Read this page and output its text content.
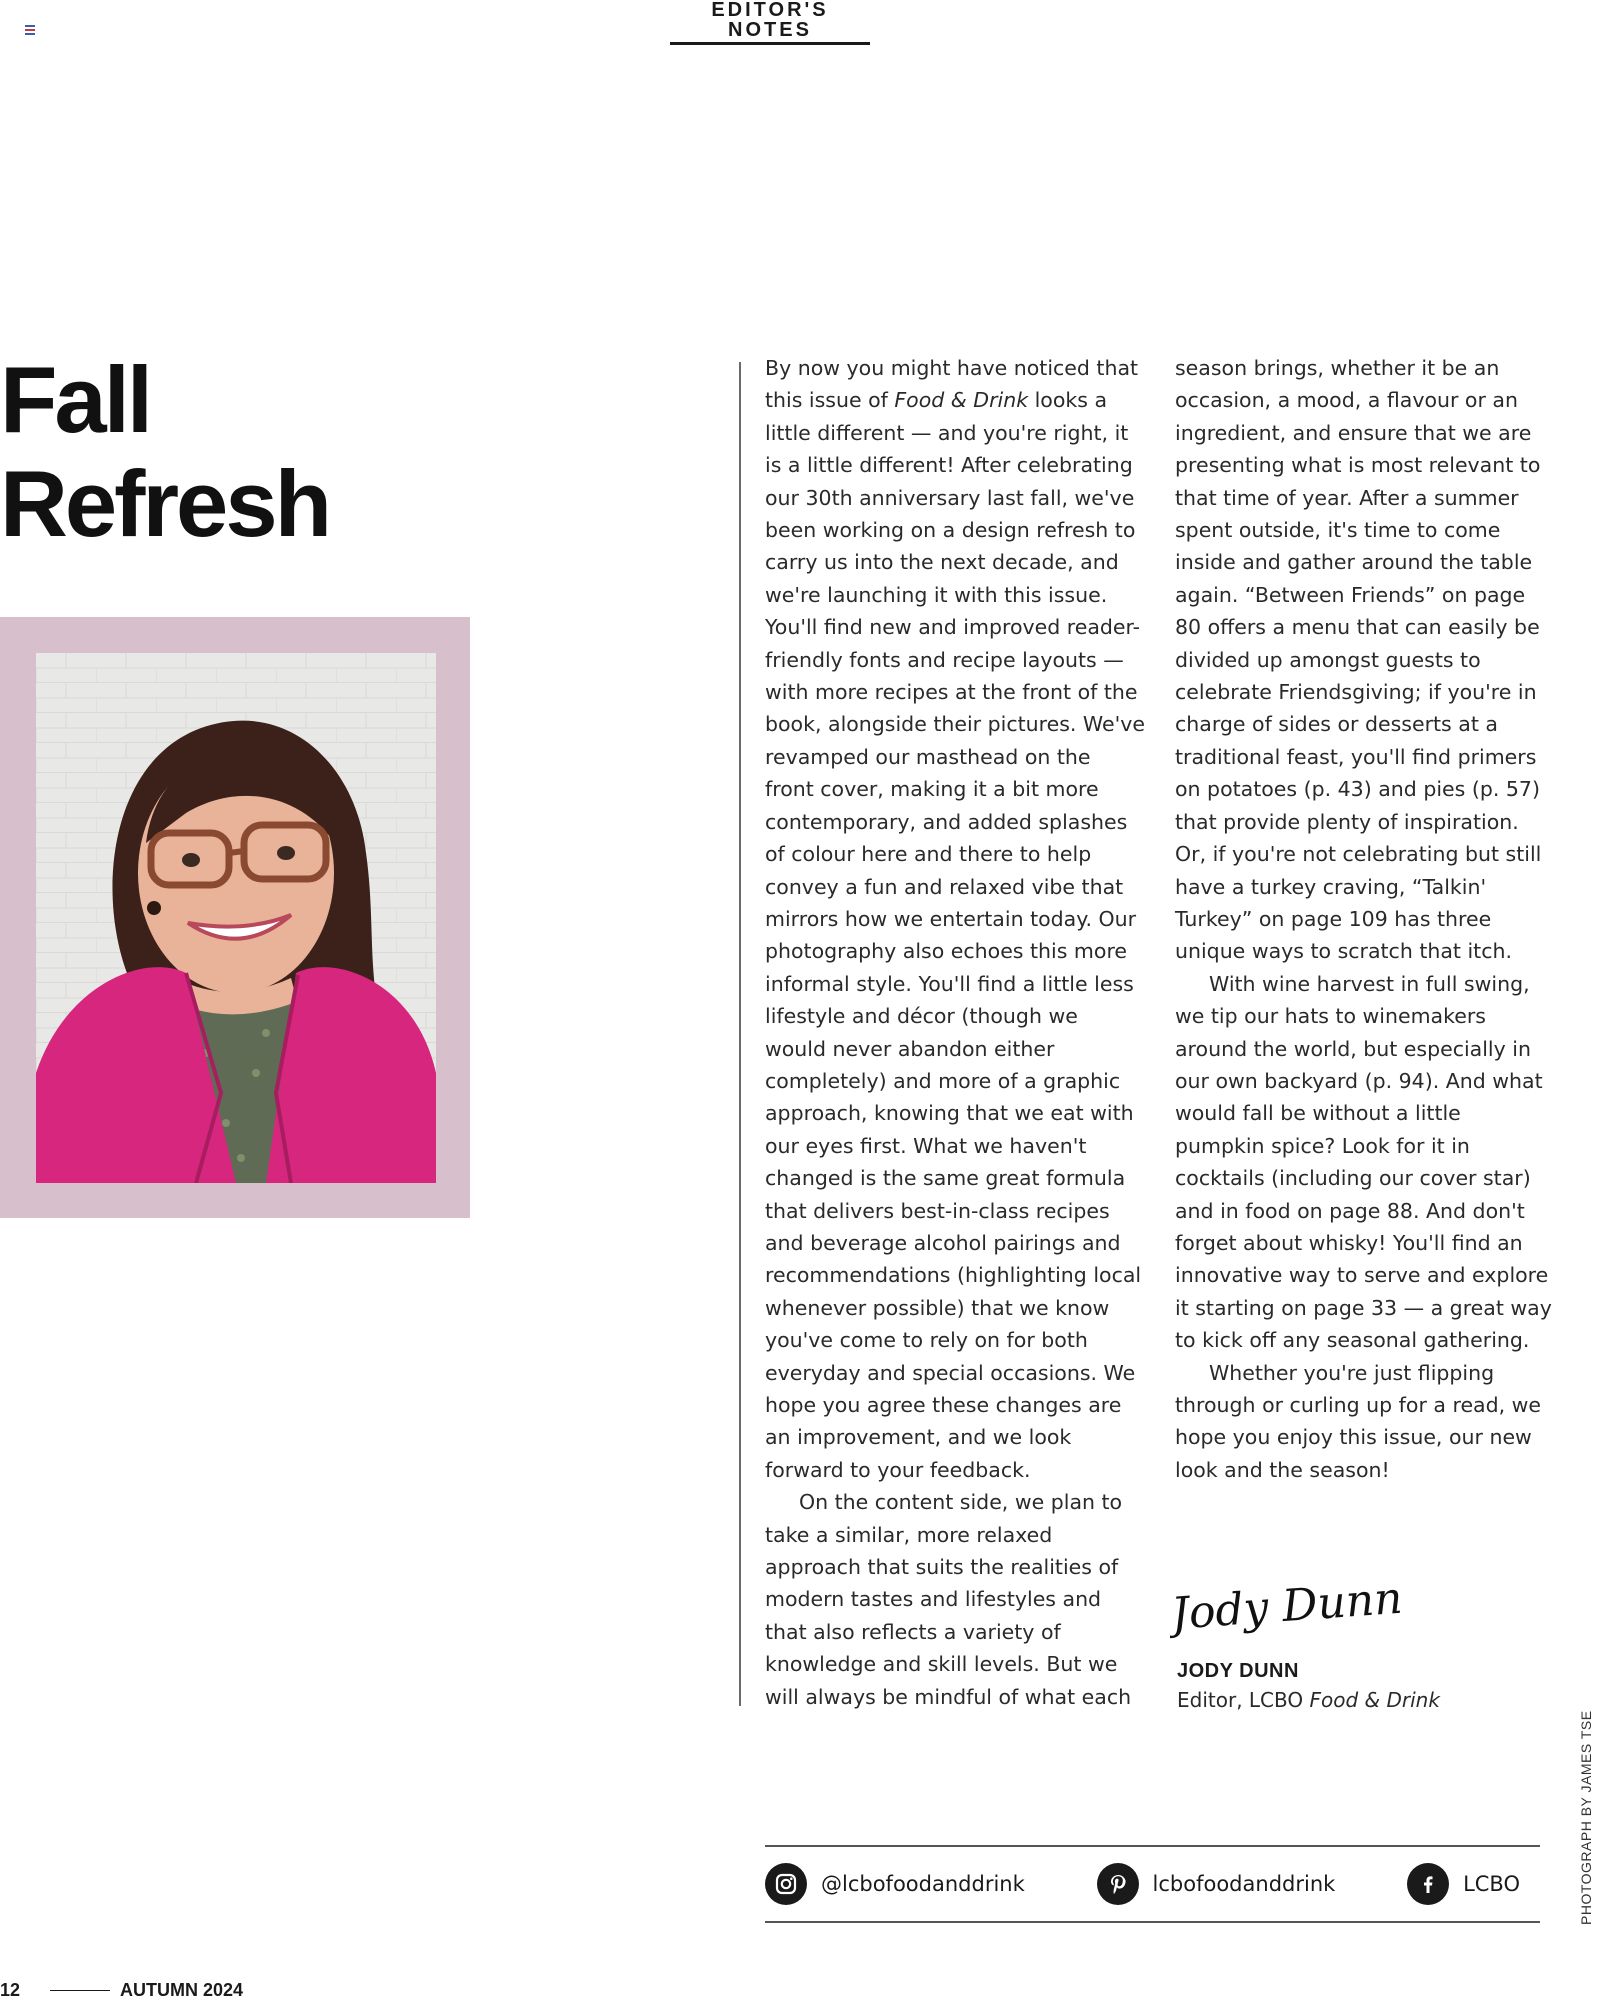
EDITOR'S NOTES
Fall
Refresh

By now you might have noticed that this issue of Food & Drink looks a little different — and you're right, it is a little different! After celebrating our 30th anniversary last fall, we've been working on a design refresh to carry us into the next decade, and we're launching it with this issue. You'll find new and improved reader-friendly fonts and recipe layouts — with more recipes at the front of the book, alongside their pictures. We've revamped our masthead on the front cover, making it a bit more contemporary, and added splashes of colour here and there to help convey a fun and relaxed vibe that mirrors how we entertain today. Our photography also echoes this more informal style. You'll find a little less lifestyle and décor (though we would never abandon either completely) and more of a graphic approach, knowing that we eat with our eyes first. What we haven't changed is the same great formula that delivers best-in-class recipes and beverage alcohol pairings and recommendations (highlighting local whenever possible) that we know you've come to rely on for both everyday and special occasions. We hope you agree these changes are an improvement, and we look forward to your feedback.

On the content side, we plan to take a similar, more relaxed approach that suits the realities of modern tastes and lifestyles and that also reflects a variety of knowledge and skill levels. But we will always be mindful of what each season brings, whether it be an occasion, a mood, a flavour or an ingredient, and ensure that we are presenting what is most relevant to that time of year. After a summer spent outside, it's time to come inside and gather around the table again. “Between Friends” on page 80 offers a menu that can easily be divided up amongst guests to celebrate Friendsgiving; if you're in charge of sides or desserts at a traditional feast, you'll find primers on potatoes (p. 43) and pies (p. 57) that provide plenty of inspiration. Or, if you're not celebrating but still have a turkey craving, “Talkin' Turkey” on page 109 has three unique ways to scratch that itch.

With wine harvest in full swing, we tip our hats to winemakers around the world, but especially in our own backyard (p. 94). And what would fall be without a little pumpkin spice? Look for it in cocktails (including our cover star) and in food on page 88. And don't forget about whisky! You'll find an innovative way to serve and explore it starting on page 33 — a great way to kick off any seasonal gathering.

Whether you're just flipping through or curling up for a read, we hope you enjoy this issue, our new look and the season!

Jody Dunn
JODY DUNN
Editor, LCBO Food & Drink
@lcbofoodanddrink	lcbofoodanddrink	LCBO	PHOTOGRAPH BY JAMES TSE
12	AUTUMN 2024
